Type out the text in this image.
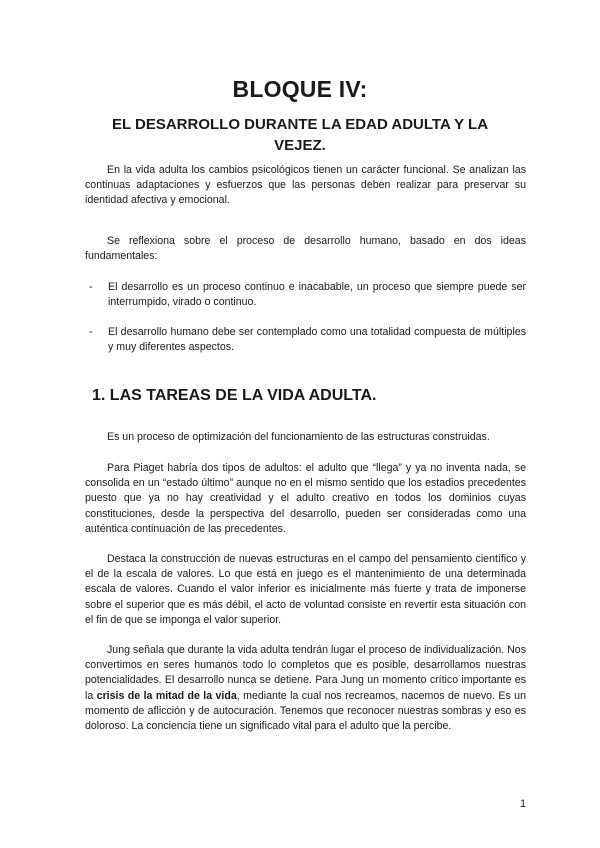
BLOQUE IV:
EL DESARROLLO DURANTE LA EDAD ADULTA Y LA VEJEZ.

En la vida adulta los cambios psicológicos tienen un carácter funcional. Se analizan las continuas adaptaciones y esfuerzos que las personas deben realizar para preservar su identidad afectiva y emocional.

Se reflexiona sobre el proceso de desarrollo humano, basado en dos ideas fundamentales:

- El desarrollo es un proceso continuo e inacabable, un proceso que siempre puede ser interrumpido, virado o continuo.
- El desarrollo humano debe ser contemplado como una totalidad compuesta de múltiples y muy diferentes aspectos.
1. LAS TAREAS DE LA VIDA ADULTA.

Es un proceso de optimización del funcionamiento de las estructuras construidas.

Para Piaget habría dos tipos de adultos: el adulto que “llega” y ya no inventa nada, se consolida en un “estado último” aunque no en el mismo sentido que los estadios precedentes puesto que ya no hay creatividad y el adulto creativo en todos los dominios cuyas constituciones, desde la perspectiva del desarrollo, pueden ser consideradas como una auténtica continuación de las precedentes.

Destaca la construcción de nuevas estructuras en el campo del pensamiento científico y el de la escala de valores. Lo que está en juego es el mantenimiento de una determinada escala de valores. Cuando el valor inferior es inicialmente más fuerte y trata de imponerse sobre el superior que es más débil, el acto de voluntad consiste en revertir esta situación con el fin de que se imponga el valor superior.

Jung señala que durante la vida adulta tendrán lugar el proceso de individualización. Nos convertimos en seres humanos todo lo completos que es posible, desarrollamos nuestras potencialidades. El desarrollo nunca se detiene. Para Jung un momento crítico importante es la crisis de la mitad de la vida, mediante la cual nos recreamos, nacemos de nuevo. Es un momento de aflicción y de autocuración. Tenemos que reconocer nuestras sombras y eso es doloroso. La conciencia tiene un significado vital para el adulto que la percibe.

1
